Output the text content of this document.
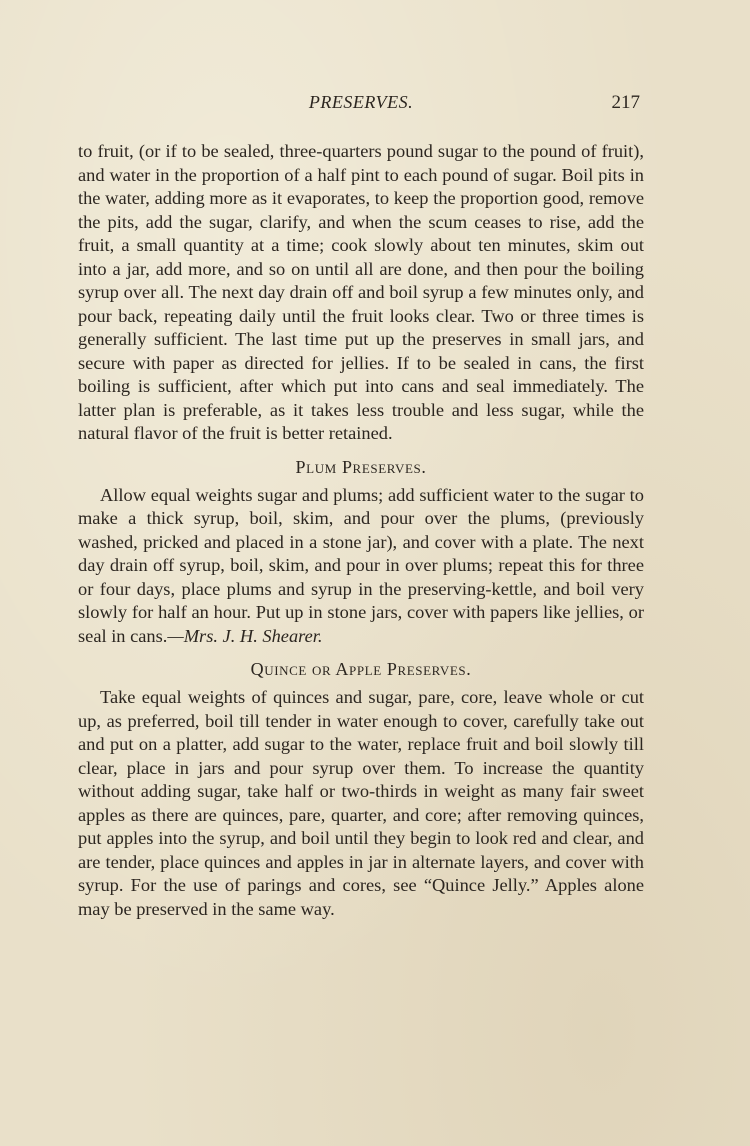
PRESERVES.	217

to fruit, (or if to be sealed, three-quarters pound sugar to the pound of fruit), and water in the proportion of a half pint to each pound of sugar. Boil pits in the water, adding more as it evaporates, to keep the proportion good, remove the pits, add the sugar, clarify, and when the scum ceases to rise, add the fruit, a small quantity at a time; cook slowly about ten minutes, skim out into a jar, add more, and so on until all are done, and then pour the boiling syrup over all. The next day drain off and boil syrup a few minutes only, and pour back, repeating daily until the fruit looks clear. Two or three times is generally sufficient. The last time put up the preserves in small jars, and secure with paper as directed for jellies. If to be sealed in cans, the first boiling is sufficient, after which put into cans and seal immediately. The latter plan is preferable, as it takes less trouble and less sugar, while the natural flavor of the fruit is better retained.

Plum Preserves.

Allow equal weights sugar and plums; add sufficient water to the sugar to make a thick syrup, boil, skim, and pour over the plums, (previously washed, pricked and placed in a stone jar), and cover with a plate. The next day drain off syrup, boil, skim, and pour in over plums; repeat this for three or four days, place plums and syrup in the preserving-kettle, and boil very slowly for half an hour. Put up in stone jars, cover with papers like jellies, or seal in cans.—Mrs. J. H. Shearer.

Quince or Apple Preserves.

Take equal weights of quinces and sugar, pare, core, leave whole or cut up, as preferred, boil till tender in water enough to cover, carefully take out and put on a platter, add sugar to the water, replace fruit and boil slowly till clear, place in jars and pour syrup over them. To increase the quantity without adding sugar, take half or two-thirds in weight as many fair sweet apples as there are quinces, pare, quarter, and core; after removing quinces, put apples into the syrup, and boil until they begin to look red and clear, and are tender, place quinces and apples in jar in alternate layers, and cover with syrup. For the use of parings and cores, see “Quince Jelly.” Apples alone may be preserved in the same way.
